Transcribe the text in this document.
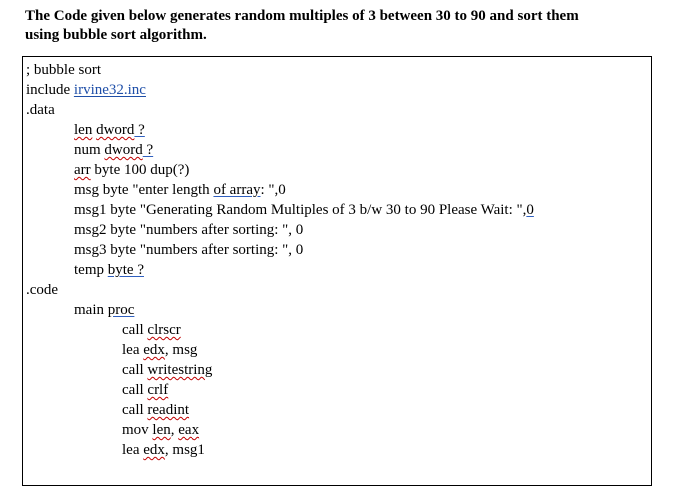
The Code given below generates random multiples of 3 between 30 to 90 and sort them
using bubble sort algorithm.
; bubble sort
include irvine32.inc
.data
len dword ?
num dword ?
arr byte 100 dup(?)
msg byte "enter length of array: ",0
msg1 byte "Generating Random Multiples of 3 b/w 30 to 90 Please Wait: ",0
msg2 byte "numbers after sorting: ", 0
msg3 byte "numbers after sorting: ", 0
temp byte ?
.code
main proc
call clrscr
lea edx, msg
call writestring
call crlf
call readint
mov len, eax
lea edx, msg1
